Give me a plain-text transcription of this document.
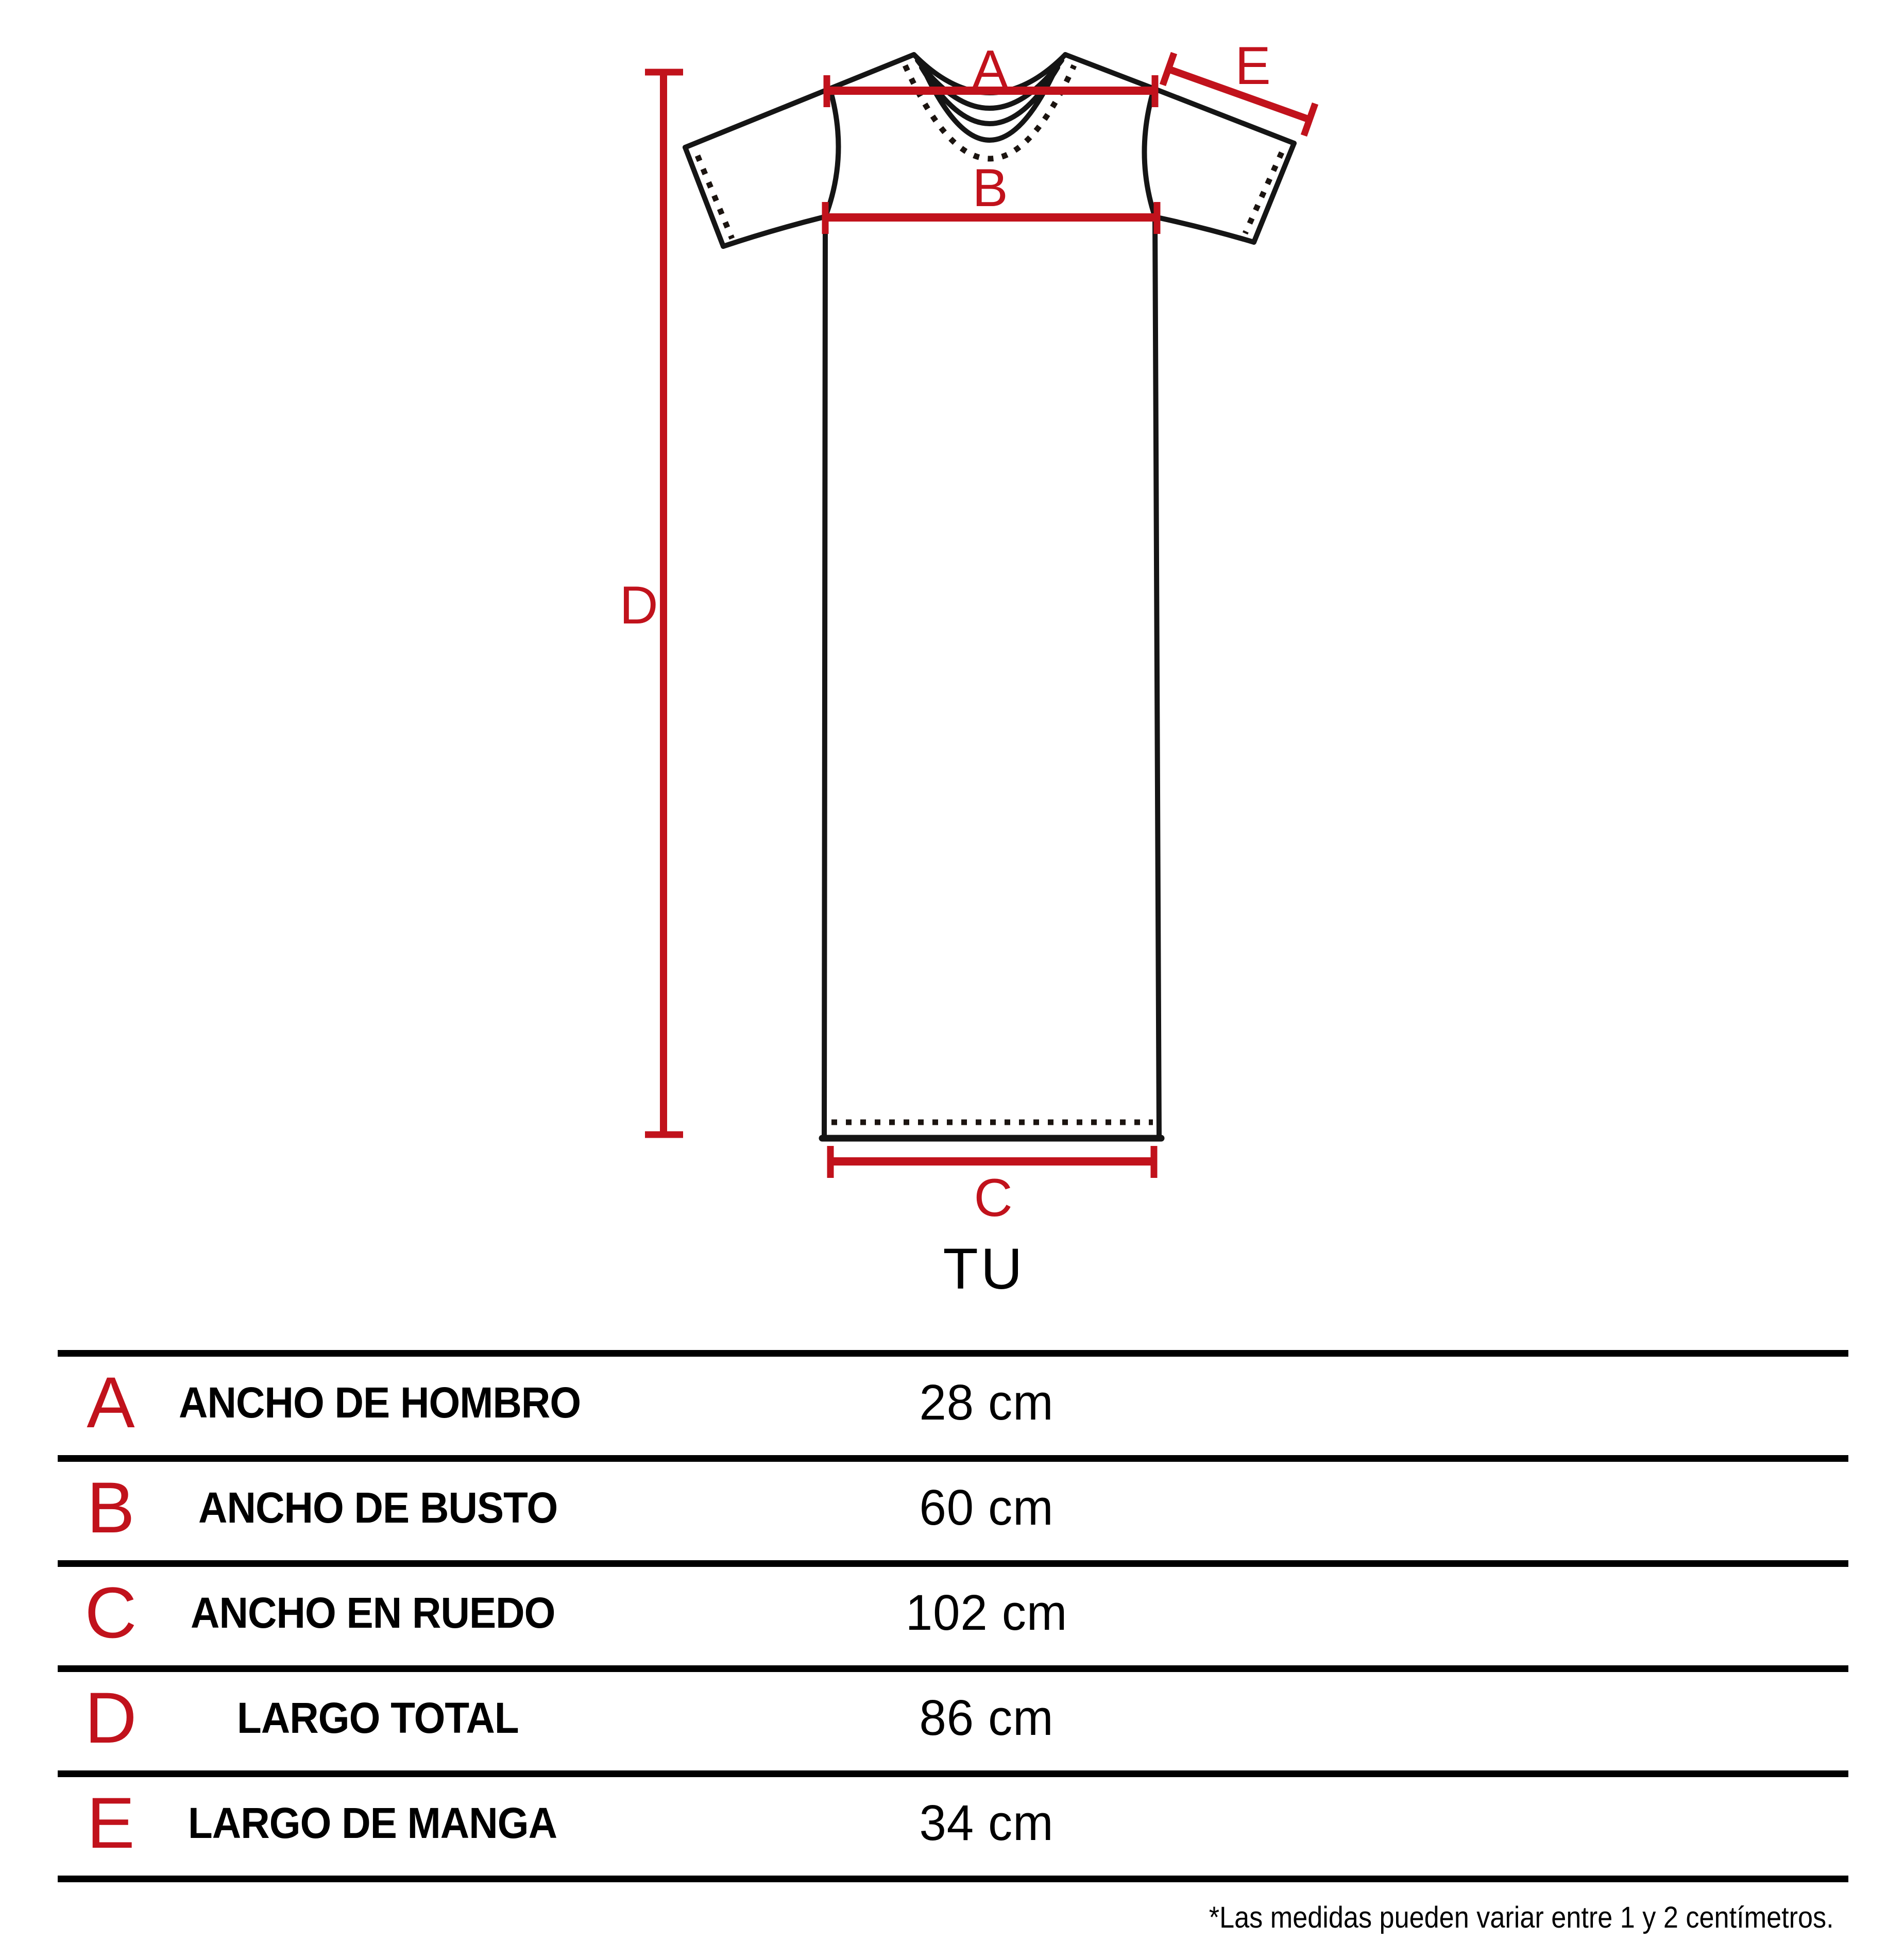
A
B
C
D
E
TU
A	ANCHO DE HOMBRO	28 cm
B	ANCHO DE BUSTO	60 cm
C	ANCHO EN RUEDO	102 cm
D	LARGO TOTAL	86 cm
E	LARGO DE MANGA	34 cm
*Las medidas pueden variar entre 1 y 2 centímetros.
